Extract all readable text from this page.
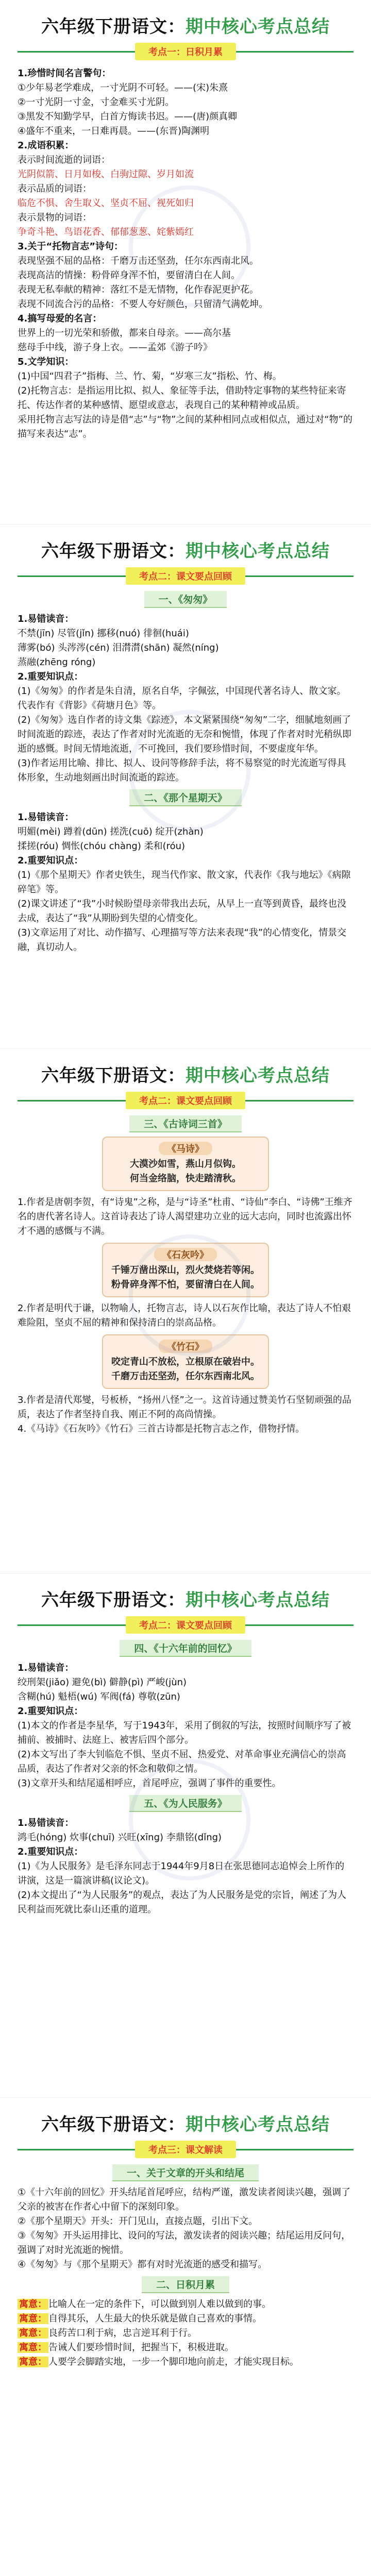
六年级下册语文：期中核心考点总结
考点一：日积月累

1.珍惜时间名言警句：

①少年易老学难成，一寸光阴不可轻。——(宋)朱熹

②一寸光阴一寸金，寸金难买寸光阴。

③黑发不知勤学早，白首方悔读书迟。——(唐)颜真卿

④盛年不重来，一日难再晨。——(东晋)陶渊明

2.成语积累：

表示时间流逝的词语：

光阴似箭、日月如梭、白驹过隙、岁月如流

表示品质的词语：

临危不惧、舍生取义、坚贞不屈、视死如归

表示景物的词语：

争奇斗艳、鸟语花香、郁郁葱葱、姹紫嫣红

3.关于“托物言志”诗句：

表现坚强不屈的品格：千磨万击还坚劲，任尔东西南北风。

表现高洁的情操：粉骨碎身浑不怕，要留清白在人间。

表现无私奉献的精神：落红不是无情物，化作春泥更护花。

表现不同流合污的品格：不要人夸好颜色，只留清气满乾坤。

4.搞写母爱的名言：

世界上的一切光荣和骄傲，都来自母亲。——高尔基

慈母手中线，游子身上衣。——孟郊《游子吟》

5.文学知识：

(1)中国“四君子”指梅、兰、竹、菊，“岁寒三友”指松、竹、梅。

(2)托物言志：是指运用比拟、拟人、象征等手法，借助特定事物的某些特征来寄托、传达作者的某种感情、愿望或意志，表现自己的某种精神或品质。

采用托物言志写法的诗是借“志”与“物”之间的某种相同点或相似点，通过对“物”的描写来表达“志”。

六年级下册语文：期中核心考点总结
考点二：课文要点回顾
一、《匆匆》

1.易错读音：

不禁(jīn) 尽管(jǐn) 挪移(nuó) 徘徊(huái)

薄雾(bó) 头涔涔(cén) 泪潸潸(shān) 凝然(níng)

蒸融(zhēng róng)

2.重要知识点：

(1)《匆匆》的作者是朱自清，原名自华，字佩弦，中国现代著名诗人、散文家。代表作有《背影》《荷塘月色》等。

(2)《匆匆》选自作者的诗文集《踪迹》，本文紧紧围绕“匆匆”二字，细腻地刻画了时间流逝的踪迹，表达了作者对时光流逝的无奈和惋惜，体现了作者对时光稍纵即逝的感慨。时间无情地流逝，不可挽回，我们要珍惜时间，不要虚度年华。

(3)作者运用比喻、排比、拟人、设问等修辞手法，将不易察觉的时光流逝写得具体形象，生动地刻画出时间流逝的踪迹。

二、《那个星期天》

1.易错读音：

明媚(mèi) 蹲着(dūn) 搓洗(cuō) 绽开(zhàn)

揉搓(róu) 惆怅(chóu chàng) 柔和(róu)

2.重要知识点：

(1)《那个星期天》作者史铁生，现当代作家、散文家，代表作《我与地坛》《病隙碎笔》等。

(2)课文讲述了“我”小时候盼望母亲带我出去玩，从早上一直等到黄昏，最终也没去成，表达了“我”从期盼到失望的心情变化。

(3)文章运用了对比、动作描写、心理描写等方法来表现“我”的心情变化，情景交融，真切动人。

六年级下册语文：期中核心考点总结
考点二：课文要点回顾
三、《古诗词三首》
《马诗》
大漠沙如雪，燕山月似钩。
何当金络脑，快走踏清秋。

1.作者是唐朝李贺，有“诗鬼”之称，是与“诗圣”杜甫、“诗仙”李白、“诗佛”王维齐名的唐代著名诗人。这首诗表达了诗人渴望建功立业的远大志向，同时也流露出怀才不遇的感慨与不满。

《石灰吟》
千锤万凿出深山，烈火焚烧若等闲。
粉骨碎身浑不怕，要留清白在人间。

2.作者是明代于谦，以物喻人，托物言志，诗人以石灰作比喻，表达了诗人不怕艰难险阻，坚贞不屈的精神和保持清白的崇高品格。

《竹石》
咬定青山不放松，立根原在破岩中。
千磨万击还坚劲，任尔东西南北风。

3.作者是清代郑燮，号板桥，“扬州八怪”之一。这首诗通过赞美竹石坚韧顽强的品质，表达了作者坚持自我、刚正不阿的高尚情操。

4.《马诗》《石灰吟》《竹石》三首古诗都是托物言志之作，借物抒情。

六年级下册语文：期中核心考点总结
考点二：课文要点回顾
四、《十六年前的回忆》

1.易错读音：

绞刑架(jiǎo) 避免(bì) 僻静(pì) 严峻(jùn)

含糊(hú) 魁梧(wú) 军阀(fá) 尊敬(zūn)

2.重要知识点：

(1)本文的作者是李星华，写于1943年，采用了倒叙的写法，按照时间顺序写了被捕前、被捕时、法庭上、被害后四个部分。

(2)本文写出了李大钊临危不惧、坚贞不屈、热爱党、对革命事业充满信心的崇高品质，表达了作者对父亲的怀念和敬仰之情。

(3)文章开头和结尾遥相呼应，首尾呼应，强调了事件的重要性。

五、《为人民服务》

1.易错读音：

鸿毛(hóng) 炊事(chuī) 兴旺(xīng) 李鼎铭(dǐng)

2.重要知识点：

(1)《为人民服务》是毛泽东同志于1944年9月8日在张思德同志追悼会上所作的讲演，这是一篇演讲稿(议论文)。

(2)本文提出了“为人民服务”的观点，表达了为人民服务是党的宗旨，阐述了为人民利益而死就比泰山还重的道理。

六年级下册语文：期中核心考点总结
考点三：课文解读
一、关于文章的开头和结尾

①《十六年前的回忆》开头结尾首尾呼应，结构严谨，激发读者阅读兴趣，强调了父亲的被害在作者心中留下的深刻印象。

②《那个星期天》开头：开门见山，直接点题，引出下文。

③《匆匆》开头运用排比、设问的写法，激发读者的阅读兴趣；结尾运用反问句，强调了对时光流逝的惋惜。

④《匆匆》与《那个星期天》都有对时光流逝的感受和描写。

二、日积月累

寓意： 比喻人在一定的条件下，可以做到别人难以做到的事。

寓意： 自得其乐，人生最大的快乐就是做自己喜欢的事情。

寓意： 良药苦口利于病，忠言逆耳利于行。

寓意： 告诫人们要珍惜时间，把握当下，积极进取。

寓意： 人要学会脚踏实地，一步一个脚印地向前走，才能实现目标。
